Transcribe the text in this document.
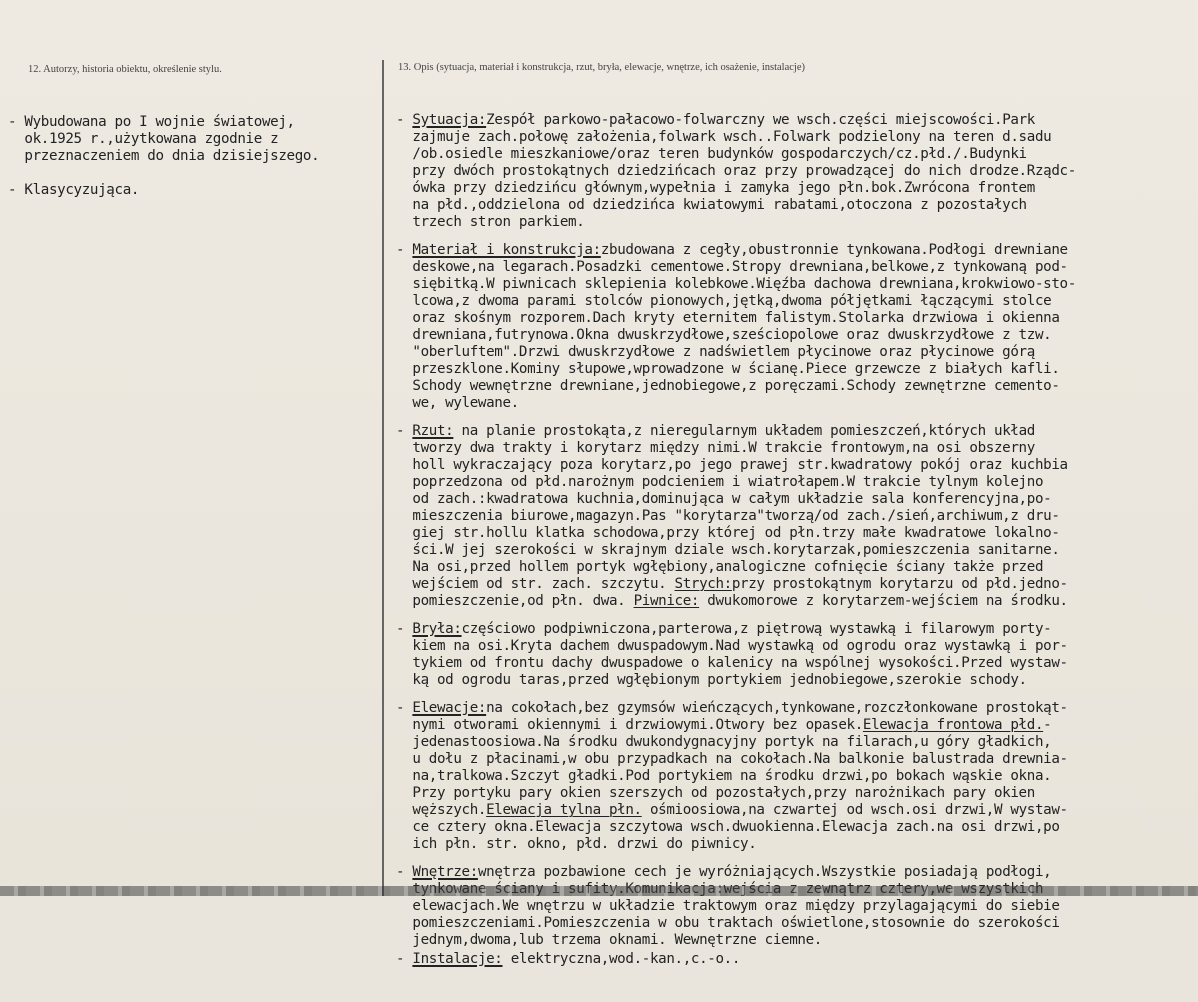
12. Autorzy, historia obiektu, określenie stylu.	13. Opis (sytuacja, materiał i konstrukcja, rzut, bryła, elewacje, wnętrze, ich osażenie, instalacje)

- Wybudowana po I wojnie światowej,
ok.1925 r.,użytkowana zgodnie z
przeznaczeniem do dnia dzisiejszego.
- Klasycyzująca.

- Sytuacja:Zespół parkowo-pałacowo-folwarczny we wsch.części miejscowości.Park
zajmuje zach.połowę założenia,folwark wsch..Folwark podzielony na teren d.sadu
/ob.osiedle mieszkaniowe/oraz teren budynków gospodarczych/cz.płd./.Budynki
przy dwóch prostokątnych dziedzińcach oraz przy prowadzącej do nich drodze.Rządc-
ówka przy dziedzińcu głównym,wypełnia i zamyka jego płn.bok.Zwrócona frontem
na płd.,oddzielona od dziedzińca kwiatowymi rabatami,otoczona z pozostałych
trzech stron parkiem.
- Materiał i konstrukcja:zbudowana z cegły,obustronnie tynkowana.Podłogi drewniane
deskowe,na legarach.Posadzki cementowe.Stropy drewniana,belkowe,z tynkowaną pod-
siębitką.W piwnicach sklepienia kolebkowe.Więźba dachowa drewniana,krokwiowo-sto-
lcowa,z dwoma parami stolców pionowych,jętką,dwoma półjętkami łączącymi stolce
oraz skośnym rozporem.Dach kryty eternitem falistym.Stolarka drzwiowa i okienna
drewniana,futrynowa.Okna dwuskrzydłowe,sześciopolowe oraz dwuskrzydłowe z tzw.
"oberluftem".Drzwi dwuskrzydłowe z nadświetlem płycinowe oraz płycinowe górą
przeszklone.Kominy słupowe,wprowadzone w ścianę.Piece grzewcze z białych kafli.
Schody wewnętrzne drewniane,jednobiegowe,z poręczami.Schody zewnętrzne cemento-
we, wylewane.
- Rzut: na planie prostokąta,z nieregularnym układem pomieszczeń,których układ
tworzy dwa trakty i korytarz między nimi.W trakcie frontowym,na osi obszerny
holl wykraczający poza korytarz,po jego prawej str.kwadratowy pokój oraz kuchbia
poprzedzona od płd.narożnym podcieniem i wiatrołapem.W trakcie tylnym kolejno
od zach.:kwadratowa kuchnia,dominująca w całym układzie sala konferencyjna,po-
mieszczenia biurowe,magazyn.Pas "korytarza"tworzą/od zach./sień,archiwum,z dru-
giej str.hollu klatka schodowa,przy której od płn.trzy małe kwadratowe lokalno-
ści.W jej szerokości w skrajnym dziale wsch.korytarzak,pomieszczenia sanitarne.
Na osi,przed hollem portyk wgłębiony,analogiczne cofnięcie ściany także przed
wejściem od str. zach. szczytu. Strych:przy prostokątnym korytarzu od płd.jedno-
pomieszczenie,od płn. dwa. Piwnice: dwukomorowe z korytarzem-wejściem na środku.
- Bryła:częściowo podpiwniczona,parterowa,z piętrową wystawką i filarowym porty-
kiem na osi.Kryta dachem dwuspadowym.Nad wystawką od ogrodu oraz wystawką i por-
tykiem od frontu dachy dwuspadowe o kalenicy na wspólnej wysokości.Przed wystaw-
ką od ogrodu taras,przed wgłębionym portykiem jednobiegowe,szerokie schody.
- Elewacje:na cokołach,bez gzymsów wieńczących,tynkowane,rozczłonkowane prostokąt-
nymi otworami okiennymi i drzwiowymi.Otwory bez opasek.Elewacja frontowa płd.-
jedenastoosiowa.Na środku dwukondygnacyjny portyk na filarach,u góry gładkich,
u dołu z płacinami,w obu przypadkach na cokołach.Na balkonie balustrada drewnia-
na,tralkowa.Szczyt gładki.Pod portykiem na środku drzwi,po bokach wąskie okna.
Przy portyku pary okien szerszych od pozostałych,przy narożnikach pary okien
węższych.Elewacja tylna płn. ośmioosiowa,na czwartej od wsch.osi drzwi,W wystaw-
ce cztery okna.Elewacja szczytowa wsch.dwuokienna.Elewacja zach.na osi drzwi,po
ich płn. str. okno, płd. drzwi do piwnicy.
- Wnętrze:wnętrza pozbawione cech je wyróżniających.Wszystkie posiadają podłogi,

elewacjach.We wnętrzu w układzie traktowym oraz między przylagającymi do siebie
pomieszczeniami.Pomieszczenia w obu traktach oświetlone,stosownie do szerokości
jednym,dwoma,lub trzema oknami. Wewnętrzne ciemne.
- Instalacje: elektryczna,wod.-kan.,c.-o..
